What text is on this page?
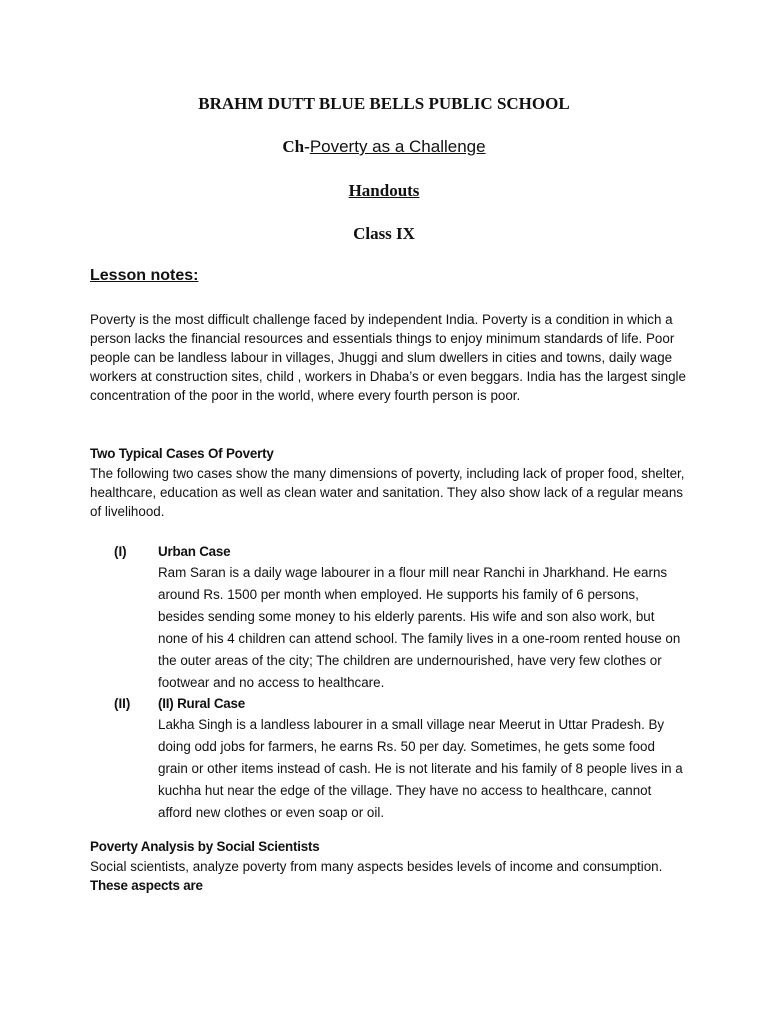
BRAHM DUTT BLUE BELLS PUBLIC SCHOOL
Ch-Poverty as a Challenge
Handouts
Class IX
Lesson notes:
Poverty is the most difficult challenge faced by independent India. Poverty is a condition in which a person lacks the financial resources and essentials things to enjoy minimum standards of life. Poor people can be landless labour in villages, Jhuggi and slum dwellers in cities and towns, daily wage workers at construction sites, child , workers in Dhaba’s or even beggars. India has the largest single concentration of the poor in the world, where every fourth person is poor.
Two Typical Cases Of Poverty
The following two cases show the many dimensions of poverty, including lack of proper food, shelter, healthcare, education as well as clean water and sanitation. They also show lack of a regular means of livelihood.
(I) Urban Case
Ram Saran is a daily wage labourer in a flour mill near Ranchi in Jharkhand. He earns around Rs. 1500 per month when employed. He supports his family of 6 persons, besides sending some money to his elderly parents. His wife and son also work, but none of his 4 children can attend school. The family lives in a one-room rented house on the outer areas of the city; The children are undernourished, have very few clothes or footwear and no access to healthcare.
(II) (II) Rural Case
Lakha Singh is a landless labourer in a small village near Meerut in Uttar Pradesh. By doing odd jobs for farmers, he earns Rs. 50 per day. Sometimes, he gets some food grain or other items instead of cash. He is not literate and his family of 8 people lives in a kuchha hut near the edge of the village. They have no access to healthcare, cannot afford new clothes or even soap or oil.
Poverty Analysis by Social Scientists
Social scientists, analyze poverty from many aspects besides levels of income and consumption.
These aspects are
